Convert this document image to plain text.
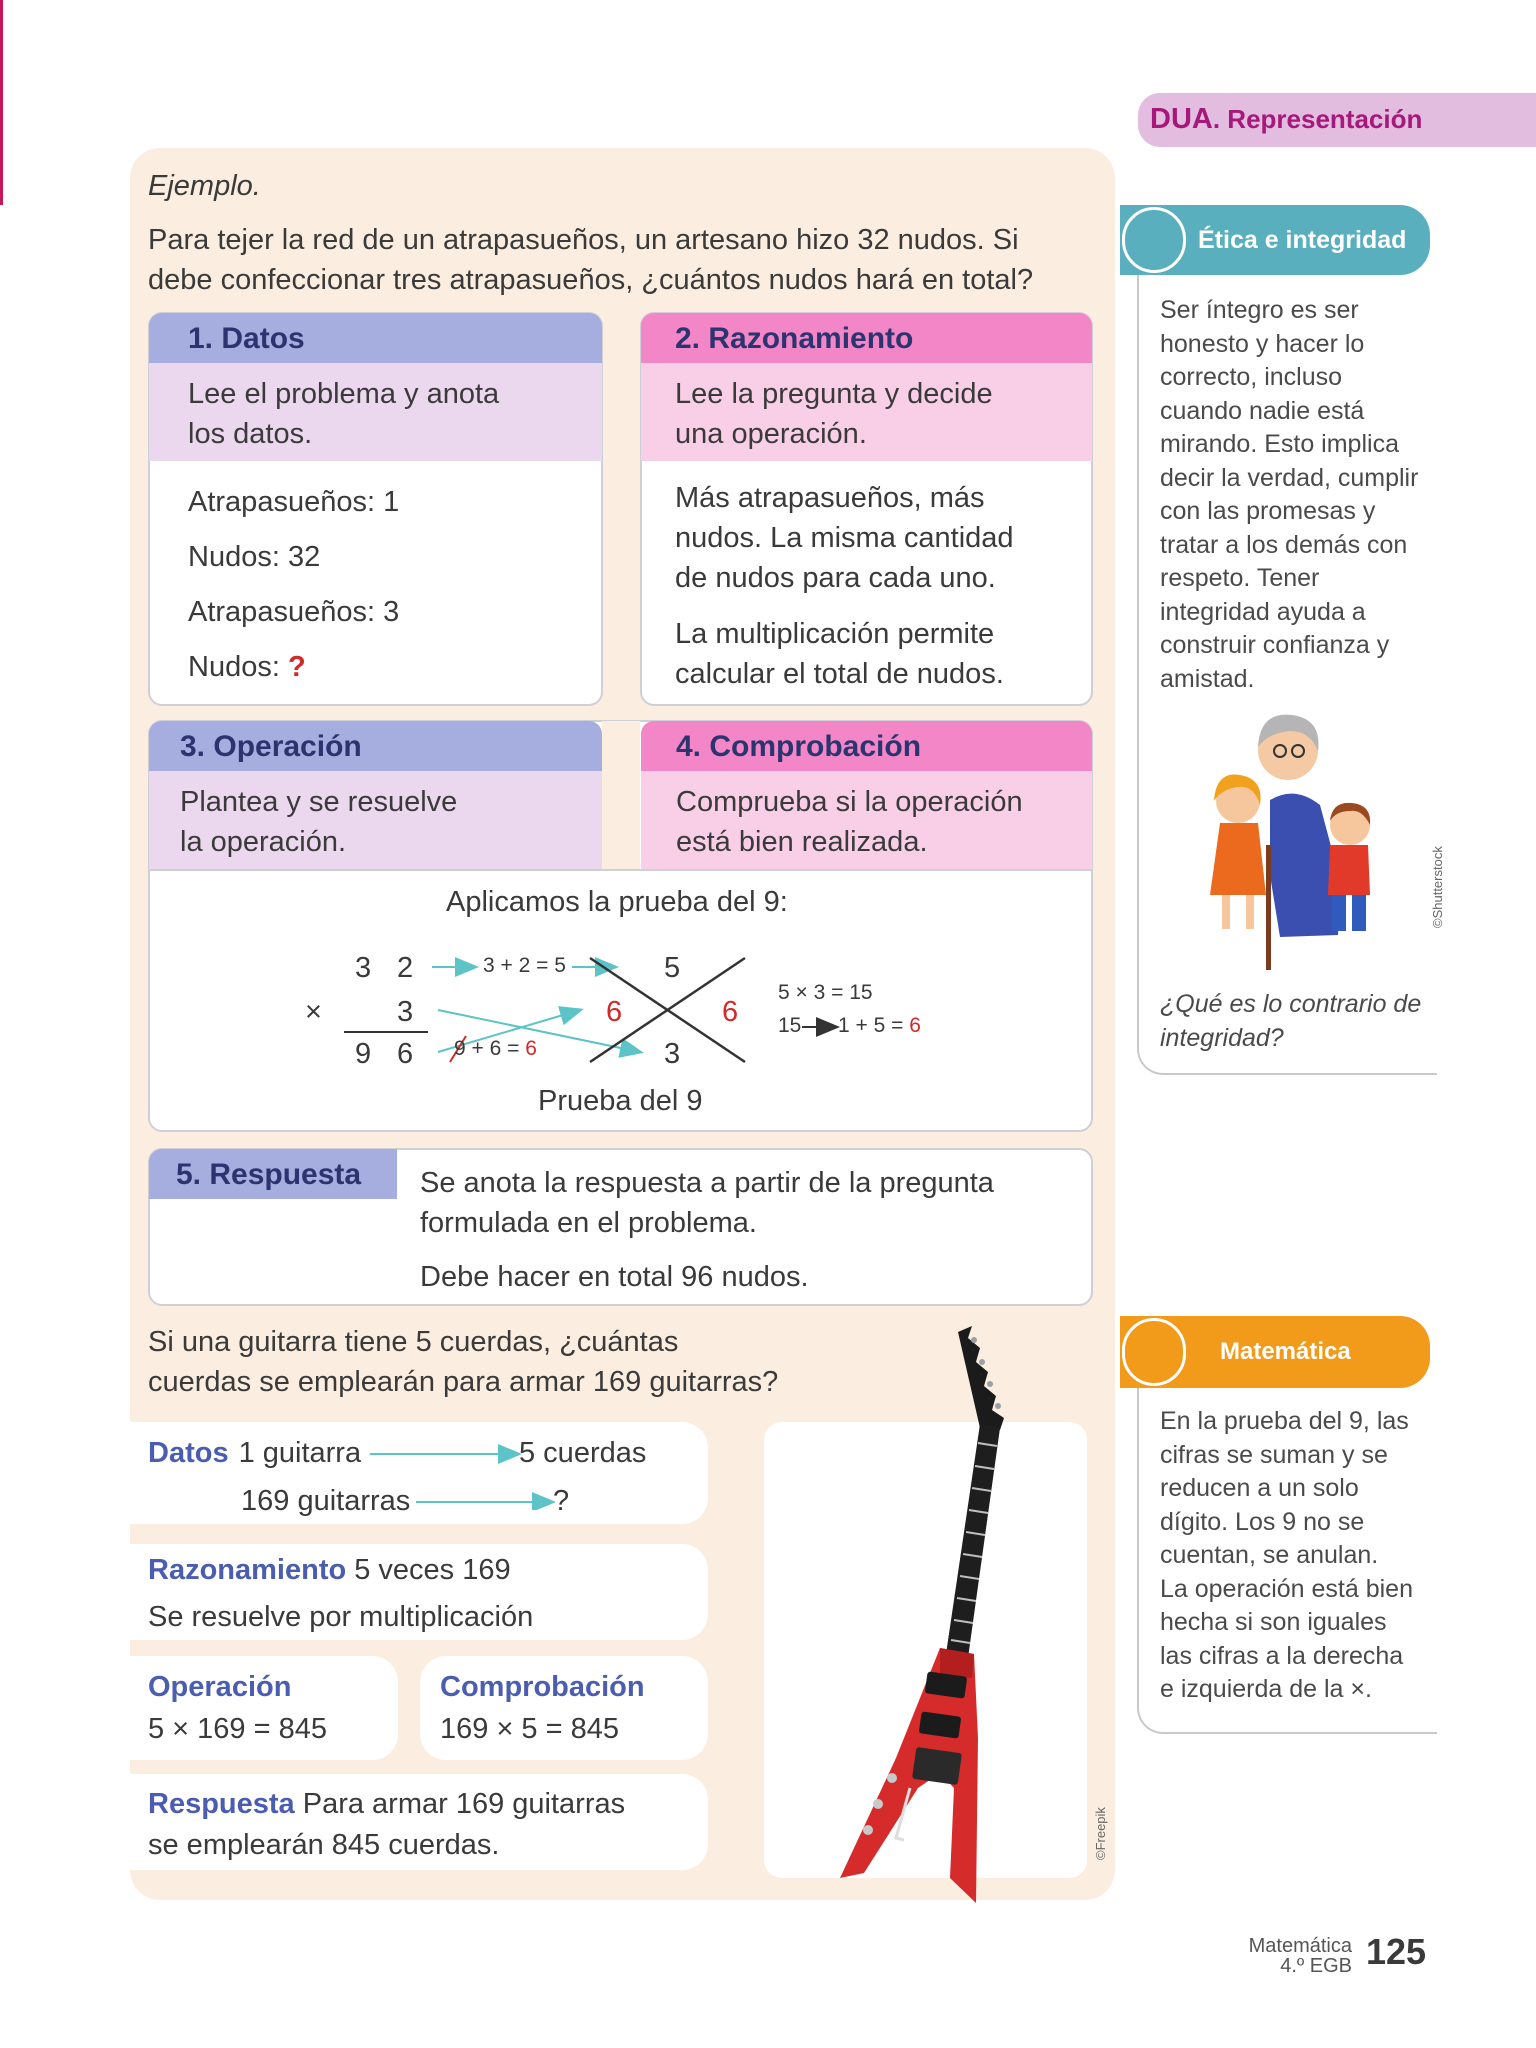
DUA. Representación
Ejemplo.
Para tejer la red de un atrapasueños, un artesano hizo 32 nudos. Si
debe confeccionar tres atrapasueños, ¿cuántos nudos hará en total?
1. Datos
Lee el problema y anota
los datos.
Atrapasueños: 1
Nudos: 32
Atrapasueños: 3
Nudos: ?
2. Razonamiento
Lee la pregunta y decide
una operación.
Más atrapasueños, más
nudos. La misma cantidad
de nudos para cada uno.
La multiplicación permite
calcular el total de nudos.
3. Operación
Plantea y se resuelve
la operación.
4. Comprobación
Comprueba si la operación
está bien realizada.
Aplicamos la prueba del 9:
3 2
×	3
9 6
3 + 2 = 5
9 + 6 = 6
5
6	6
3
5 × 3 = 15
15 1 + 5 = 6
Prueba del 9
5. Respuesta Se anota la respuesta a partir de la pregunta
formulada en el problema.
Debe hacer en total 96 nudos.
Si una guitarra tiene 5 cuerdas, ¿cuántas
cuerdas se emplearán para armar 169 guitarras?
Datos 1 guitarra	5 cuerdas
169 guitarras	?
Razonamiento 5 veces 169
Se resuelve por multiplicación
Operación
5 × 169 = 845
Comprobación
169 × 5 = 845
Respuesta Para armar 169 guitarras
se emplearán 845 cuerdas.	©Freepik
Ética e integridad
Ser íntegro es ser
honesto y hacer lo
correcto, incluso
cuando nadie está
mirando. Esto implica
decir la verdad, cumplir
con las promesas y
tratar a los demás con
respeto. Tener
integridad ayuda a
construir confianza y
amistad.
©Shutterstock
¿Qué es lo contrario de
integridad?
Matemática
En la prueba del 9, las
cifras se suman y se
reducen a un solo
dígito. Los 9 no se
cuentan, se anulan.
La operación está bien
hecha si son iguales
las cifras a la derecha
e izquierda de la ×.
Matemática
4.º EGB 125
